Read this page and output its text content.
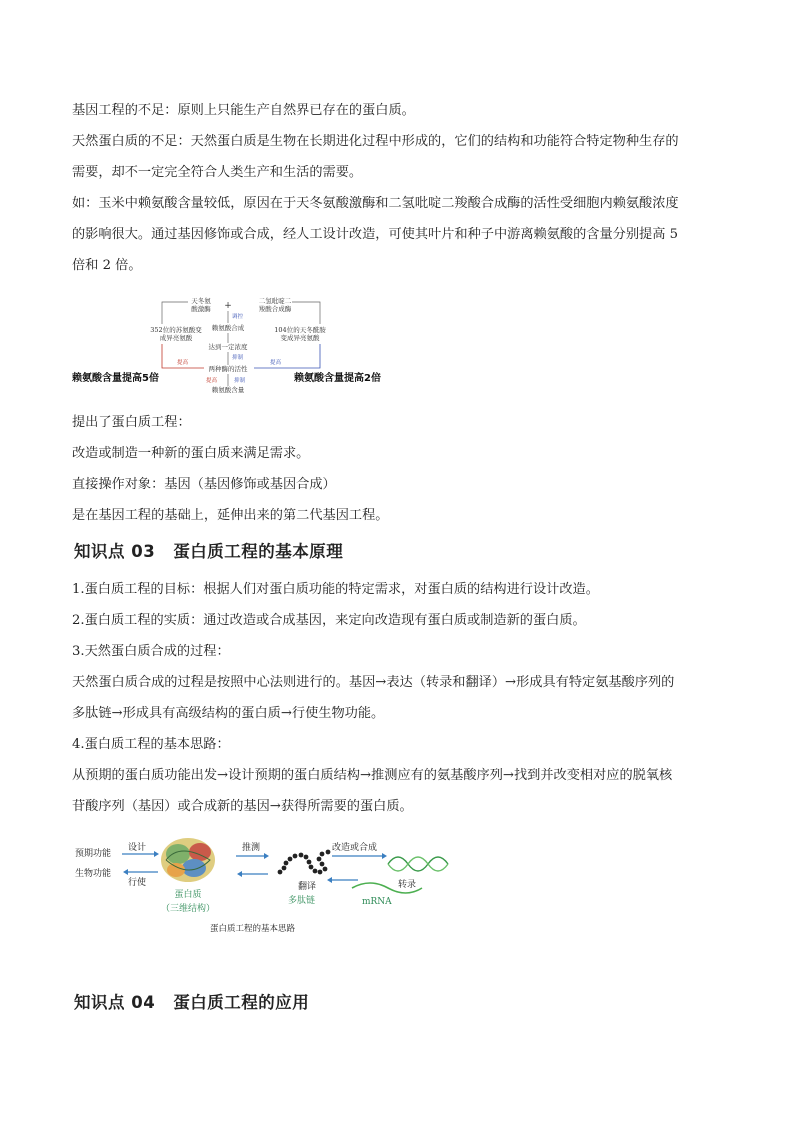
基因工程的不足：原则上只能生产自然界已存在的蛋白质。

天然蛋白质的不足：天然蛋白质是生物在长期进化过程中形成的，它们的结构和功能符合特定物种生存的

需要，却不一定完全符合人类生产和生活的需要。

如：玉米中赖氨酸含量较低，原因在于天冬氨酸激酶和二氢吡啶二羧酸合成酶的活性受细胞内赖氨酸浓度

的影响很大。通过基因修饰或合成，经人工设计改造，可使其叶片和种子中游离赖氨酸的含量分别提高 5

倍和 2 倍。

天冬氨酸激酶 +	二氢吡啶二羧酸合成酶
赖氨酸合成
达到一定浓度
两种酶的活性
赖氨酸含量
352位的苏氨酸变成异亮氨酸
104位的天冬酰胺变成异亮氨酸
调控
抑制
提高	抑制
提高	提高
赖氨酸含量提高5倍	赖氨酸含量提高2倍

提出了蛋白质工程：

改造或制造一种新的蛋白质来满足需求。

直接操作对象：基因（基因修饰或基因合成）

是在基因工程的基础上，延伸出来的第二代基因工程。

知识点 03 蛋白质工程的基本原理

1.蛋白质工程的目标：根据人们对蛋白质功能的特定需求，对蛋白质的结构进行设计改造。

2.蛋白质工程的实质：通过改造或合成基因，来定向改造现有蛋白质或制造新的蛋白质。

3.天然蛋白质合成的过程：

天然蛋白质合成的过程是按照中心法则进行的。基因→表达（转录和翻译）→形成具有特定氨基酸序列的

多肽链→形成具有高级结构的蛋白质→行使生物功能。

4.蛋白质工程的基本思路：

从预期的蛋白质功能出发→设计预期的蛋白质结构→推测应有的氨基酸序列→找到并改变相对应的脱氧核

苷酸序列（基因）或合成新的基因→获得所需要的蛋白质。

预期功能
生物功能
设计
行使
蛋白质
（三维结构）
推测
翻译
多肽链
改造或合成
转录
mRNA
蛋白质工程的基本思路
知识点 04 蛋白质工程的应用
